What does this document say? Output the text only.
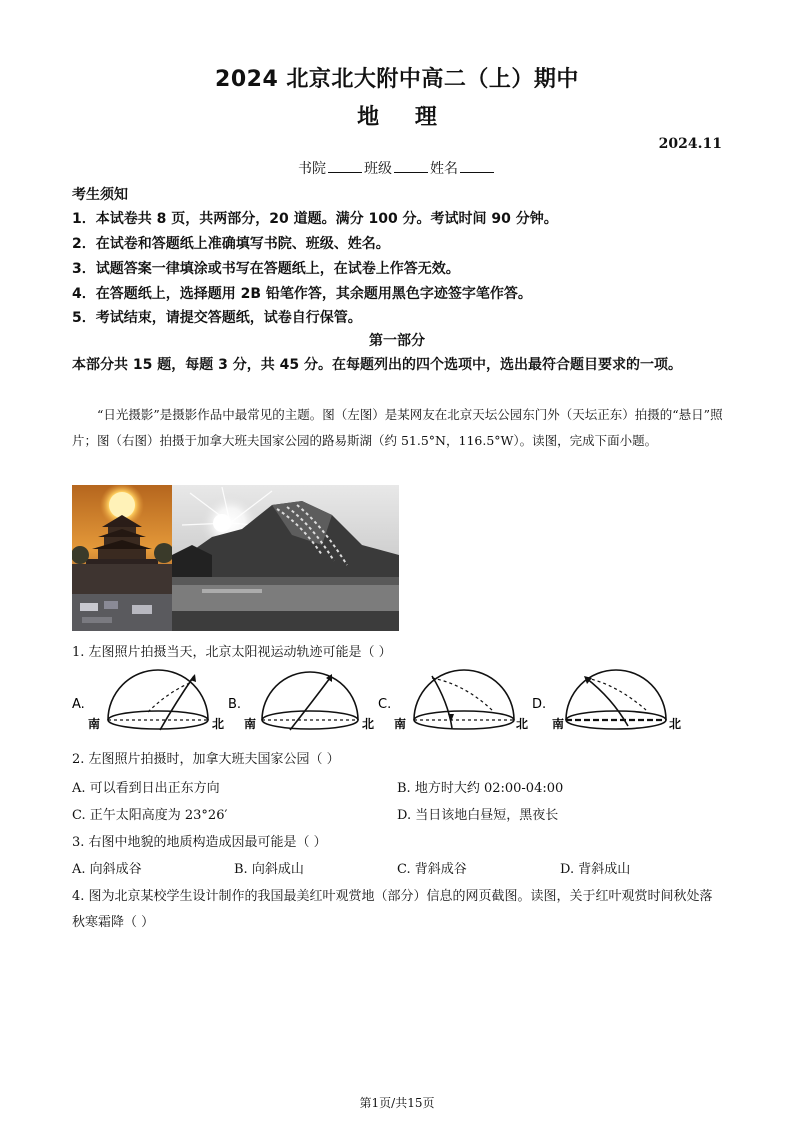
2024 北京北大附中高二（上）期中
地 理
2024.11
书院	班级	姓名
考生须知
1．本试卷共 8 页，共两部分，20 道题。满分 100 分。考试时间 90 分钟。
2．在试卷和答题纸上准确填写书院、班级、姓名。
3．试题答案一律填涂或书写在答题纸上，在试卷上作答无效。
4．在答题纸上，选择题用 2B 铅笔作答，其余题用黑色字迹签字笔作答。
5．考试结束，请提交答题纸，试卷自行保管。
第一部分
本部分共 15 题，每题 3 分，共 45 分。在每题列出的四个选项中，选出最符合题目要求的一项。
“日光摄影”是摄影作品中最常见的主题。图（左图）是某网友在北京天坛公园东门外（天坛正东）拍摄的“悬日”照片；图（右图）拍摄于加拿大班夫国家公园的路易斯湖（约 51.5°N，116.5°W）。读图，完成下面小题。
1. 左图照片拍摄当天，北京太阳视运动轨迹可能是（ ）
A.
南	北
B.
南	北
C.
南	北
D.
南	北
2. 左图照片拍摄时，加拿大班夫国家公园（ ）
A. 可以看到日出正东方向	B. 地方时大约 02:00-04:00
C. 正午太阳高度为 23°26′	D. 当日该地白昼短，黑夜长
3. 右图中地貌的地质构造成因最可能是（ ）
A. 向斜成谷	B. 向斜成山	C. 背斜成谷	D. 背斜成山
4. 图为北京某校学生设计制作的我国最美红叶观赏地（部分）信息的网页截图。读图，关于红叶观赏时间秋处落秋寒霜降（ ）
第1页/共15页
